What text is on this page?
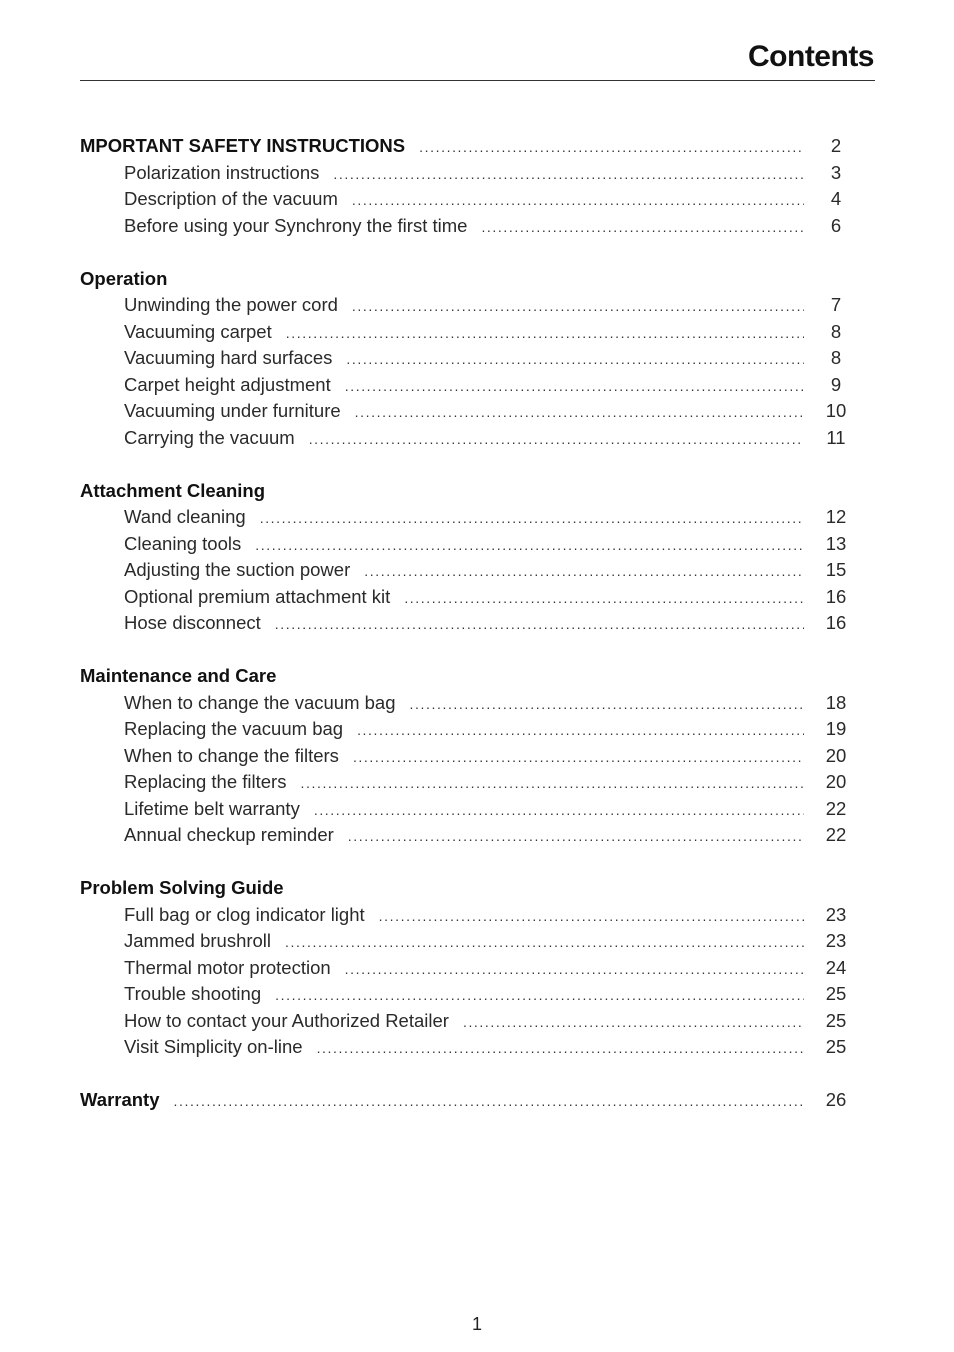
Contents
MPORTANT SAFETY INSTRUCTIONS .....	2
Polarization instructions .....	3
Description of the vacuum .....	4
Before using your Synchrony the first time .....	6
Operation
Unwinding the power cord .....	7
Vacuuming carpet .....	8
Vacuuming hard surfaces .....	8
Carpet height adjustment .....	9
Vacuuming under furniture .....	10
Carrying the vacuum .....	11
Attachment Cleaning
Wand cleaning .....	12
Cleaning tools .....	13
Adjusting the suction power .....	15
Optional premium attachment kit .....	16
Hose disconnect .....	16
Maintenance and Care
When to change the vacuum bag .....	18
Replacing the vacuum bag .....	19
When to change the filters .....	20
Replacing the filters .....	20
Lifetime belt warranty .....	22
Annual checkup reminder .....	22
Problem Solving Guide
Full bag or clog indicator light .....	23
Jammed brushroll .....	23
Thermal motor protection .....	24
Trouble shooting .....	25
How to contact your Authorized Retailer .....	25
Visit Simplicity on-line .....	25
Warranty .....	26
1
